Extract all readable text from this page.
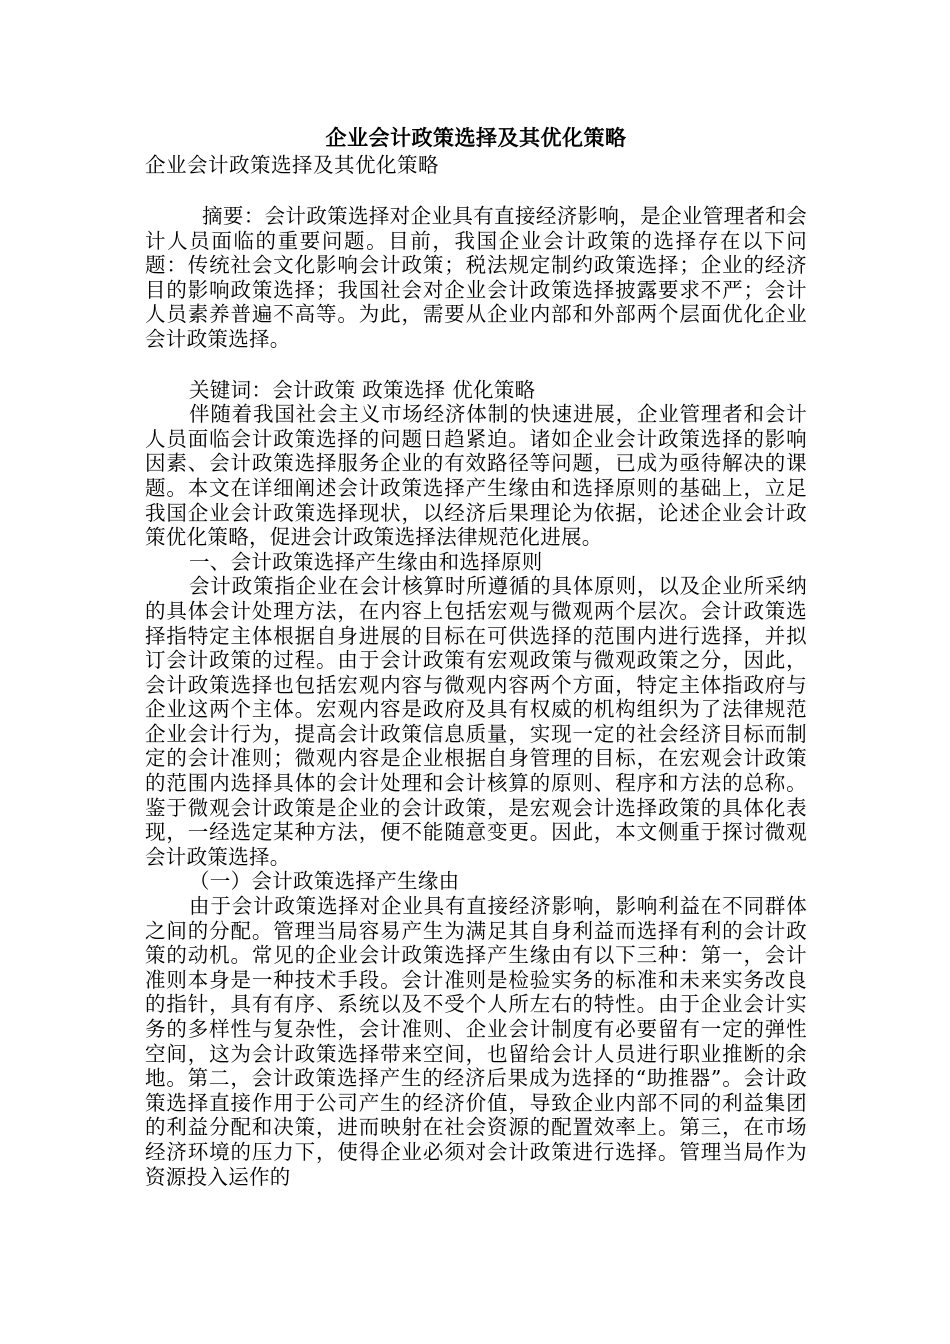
企业会计政策选择及其优化策略

企业会计政策选择及其优化策略

摘要：会计政策选择对企业具有直接经济影响，是企业管理者和会计人员面临的重要问题。目前，我国企业会计政策的选择存在以下问题：传统社会文化影响会计政策；税法规定制约政策选择；企业的经济目的影响政策选择；我国社会对企业会计政策选择披露要求不严；会计人员素养普遍不高等。为此，需要从企业内部和外部两个层面优化企业会计政策选择。

关键词：会计政策 政策选择 优化策略

伴随着我国社会主义市场经济体制的快速进展，企业管理者和会计人员面临会计政策选择的问题日趋紧迫。诸如企业会计政策选择的影响因素、会计政策选择服务企业的有效路径等问题，已成为亟待解决的课题。本文在详细阐述会计政策选择产生缘由和选择原则的基础上，立足我国企业会计政策选择现状，以经济后果理论为依据，论述企业会计政策优化策略，促进会计政策选择法律规范化进展。

一、会计政策选择产生缘由和选择原则

会计政策指企业在会计核算时所遵循的具体原则，以及企业所采纳的具体会计处理方法，在内容上包括宏观与微观两个层次。会计政策选择指特定主体根据自身进展的目标在可供选择的范围内进行选择，并拟订会计政策的过程。由于会计政策有宏观政策与微观政策之分，因此，会计政策选择也包括宏观内容与微观内容两个方面，特定主体指政府与企业这两个主体。宏观内容是政府及具有权威的机构组织为了法律规范企业会计行为，提高会计政策信息质量，实现一定的社会经济目标而制定的会计准则；微观内容是企业根据自身管理的目标，在宏观会计政策的范围内选择具体的会计处理和会计核算的原则、程序和方法的总称。鉴于微观会计政策是企业的会计政策，是宏观会计选择政策的具体化表现，一经选定某种方法，便不能随意变更。因此，本文侧重于探讨微观会计政策选择。

（一）会计政策选择产生缘由

由于会计政策选择对企业具有直接经济影响，影响利益在不同群体之间的分配。管理当局容易产生为满足其自身利益而选择有利的会计政策的动机。常见的企业会计政策选择产生缘由有以下三种：第一，会计准则本身是一种技术手段。会计准则是检验实务的标准和未来实务改良的指针，具有有序、系统以及不受个人所左右的特性。由于企业会计实务的多样性与复杂性，会计准则、企业会计制度有必要留有一定的弹性空间，这为会计政策选择带来空间，也留给会计人员进行职业推断的余地。第二，会计政策选择产生的经济后果成为选择的“助推器”。会计政策选择直接作用于公司产生的经济价值，导致企业内部不同的利益集团的利益分配和决策，进而映射在社会资源的配置效率上。第三，在市场经济环境的压力下，使得企业必须对会计政策进行选择。管理当局作为资源投入运作的
